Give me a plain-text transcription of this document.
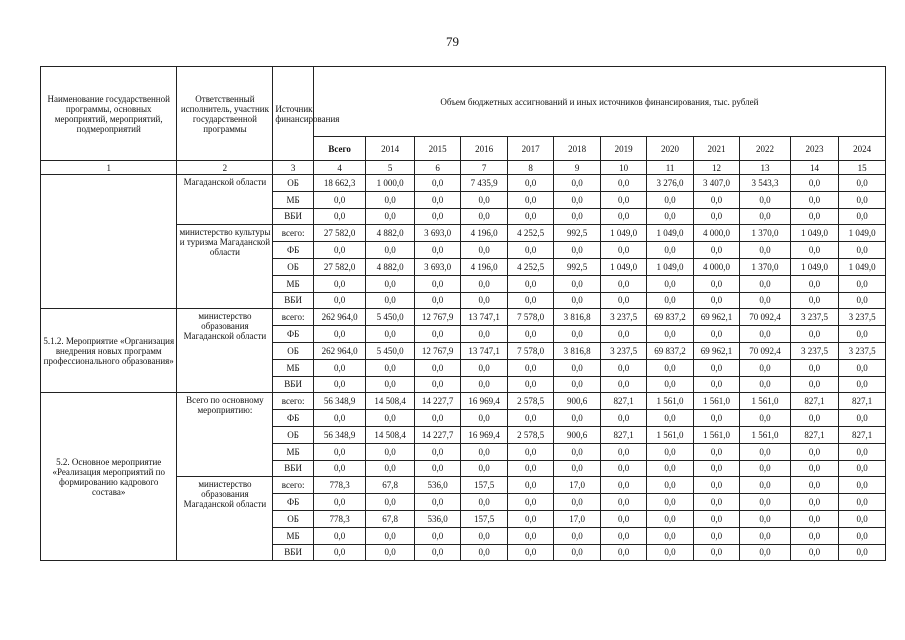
79
Наименование государственной программы, основных мероприятий, мероприятий, подмероприятий	Ответственный исполнитель, участник государственной программы	Источник финансирования	Объем бюджетных ассигнований и иных источников финансирования, тыс. рублей											
			Всего	2014	2015	2016	2017	2018	2019	2020	2021	2022	2023	2024
1	2	3	4	5	6	7	8	9	10	11	12	13	14	15
	Магаданской области	ОБ	18 662,3	1 000,0	0,0	7 435,9	0,0	0,0	0,0	3 276,0	3 407,0	3 543,3	0,0	0,0
		МБ	0,0	0,0	0,0	0,0	0,0	0,0	0,0	0,0	0,0	0,0	0,0	0,0
		ВБИ	0,0	0,0	0,0	0,0	0,0	0,0	0,0	0,0	0,0	0,0	0,0	0,0
	министерство культуры и туризма Магаданской области	всего:	27 582,0	4 882,0	3 693,0	4 196,0	4 252,5	992,5	1 049,0	1 049,0	4 000,0	1 370,0	1 049,0	1 049,0
		ФБ	0,0	0,0	0,0	0,0	0,0	0,0	0,0	0,0	0,0	0,0	0,0	0,0
		ОБ	27 582,0	4 882,0	3 693,0	4 196,0	4 252,5	992,5	1 049,0	1 049,0	4 000,0	1 370,0	1 049,0	1 049,0
		МБ	0,0	0,0	0,0	0,0	0,0	0,0	0,0	0,0	0,0	0,0	0,0	0,0
		ВБИ	0,0	0,0	0,0	0,0	0,0	0,0	0,0	0,0	0,0	0,0	0,0	0,0
5.1.2. Мероприятие «Организация внедрения новых программ профессионального образования»	министерство образования Магаданской области	всего:	262 964,0	5 450,0	12 767,9	13 747,1	7 578,0	3 816,8	3 237,5	69 837,2	69 962,1	70 092,4	3 237,5	3 237,5
		ФБ	0,0	0,0	0,0	0,0	0,0	0,0	0,0	0,0	0,0	0,0	0,0	0,0
		ОБ	262 964,0	5 450,0	12 767,9	13 747,1	7 578,0	3 816,8	3 237,5	69 837,2	69 962,1	70 092,4	3 237,5	3 237,5
		МБ	0,0	0,0	0,0	0,0	0,0	0,0	0,0	0,0	0,0	0,0	0,0	0,0
		ВБИ	0,0	0,0	0,0	0,0	0,0	0,0	0,0	0,0	0,0	0,0	0,0	0,0
5.2. Основное мероприятие «Реализация мероприятий по формированию кадрового состава»	Всего по основному мероприятию:	всего:	56 348,9	14 508,4	14 227,7	16 969,4	2 578,5	900,6	827,1	1 561,0	1 561,0	1 561,0	827,1	827,1
		ФБ	0,0	0,0	0,0	0,0	0,0	0,0	0,0	0,0	0,0	0,0	0,0	0,0
		ОБ	56 348,9	14 508,4	14 227,7	16 969,4	2 578,5	900,6	827,1	1 561,0	1 561,0	1 561,0	827,1	827,1
		МБ	0,0	0,0	0,0	0,0	0,0	0,0	0,0	0,0	0,0	0,0	0,0	0,0
		ВБИ	0,0	0,0	0,0	0,0	0,0	0,0	0,0	0,0	0,0	0,0	0,0	0,0
	министерство образования Магаданской области	всего:	778,3	67,8	536,0	157,5	0,0	17,0	0,0	0,0	0,0	0,0	0,0	0,0
		ФБ	0,0	0,0	0,0	0,0	0,0	0,0	0,0	0,0	0,0	0,0	0,0	0,0
		ОБ	778,3	67,8	536,0	157,5	0,0	17,0	0,0	0,0	0,0	0,0	0,0	0,0
		МБ	0,0	0,0	0,0	0,0	0,0	0,0	0,0	0,0	0,0	0,0	0,0	0,0
		ВБИ	0,0	0,0	0,0	0,0	0,0	0,0	0,0	0,0	0,0	0,0	0,0	0,0
